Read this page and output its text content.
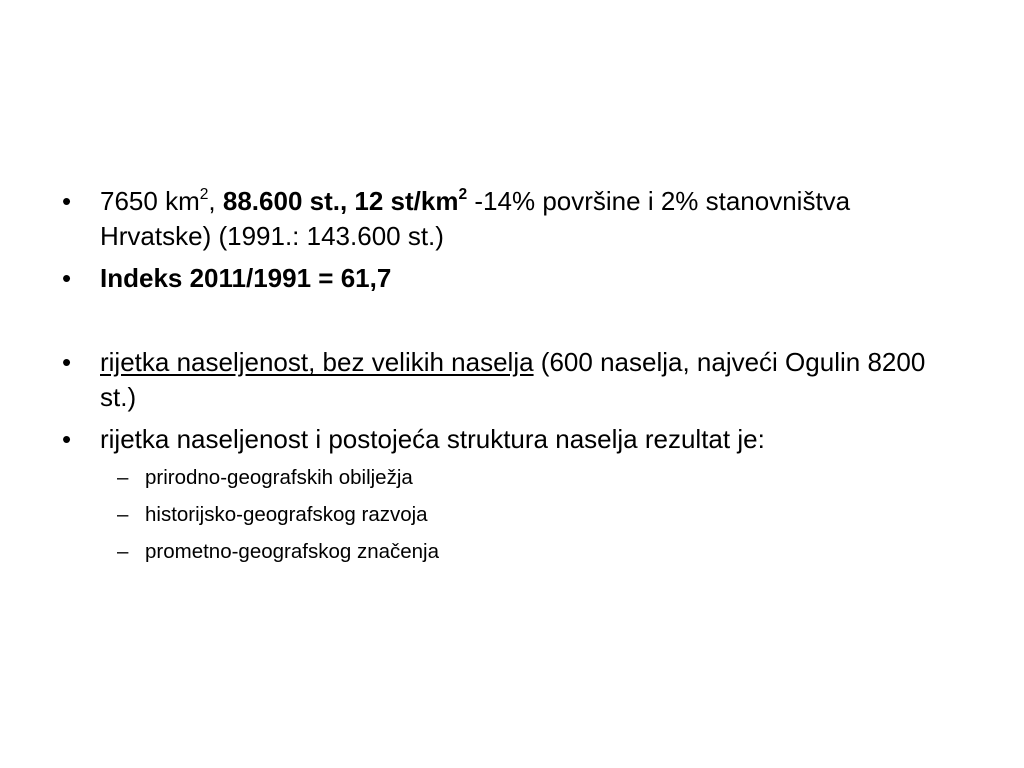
•	7650 $km^2$, 88.600 st., 12 $st/km^2$ -14% površine i 2% stanovništva Hrvatske) (1991.: 143.600 st.)
•	Indeks 2011/1991 = 61,7
•	rijetka naseljenost, bez velikih naselja (600 naselja, najveći Ogulin 8200 st.)
•	rijetka naseljenost i postojeća struktura naselja rezultat je:
– prirodno-geografskih obilježja
– historijsko-geografskog razvoja
– prometno-geografskog značenja
